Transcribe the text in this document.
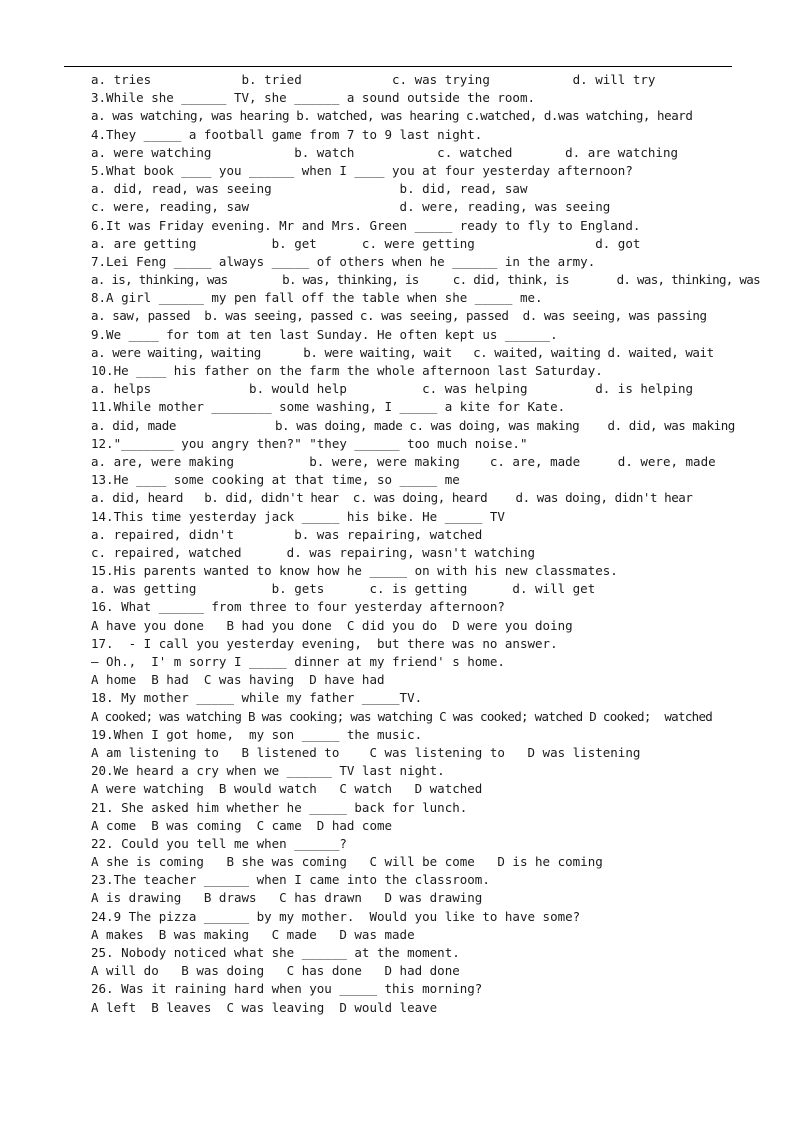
a. tries            b. tried            c. was trying           d. will try
3.While she ______ TV, she ______ a sound outside the room.
a. was watching, was hearing b. watched, was hearing c.watched, d.was watching, heard
4.They _____ a football game from 7 to 9 last night.
a. were watching           b. watch           c. watched       d. are watching
5.What book ____ you ______ when I ____ you at four yesterday afternoon?
a. did, read, was seeing                 b. did, read, saw
c. were, reading, saw                    d. were, reading, was seeing
6.It was Friday evening. Mr and Mrs. Green _____ ready to fly to England.
a. are getting          b. get      c. were getting                d. got
7.Lei Feng _____ always _____ of others when he ______ in the army.
a. is, thinking, was        b. was, thinking, is     c. did, think, is       d. was, thinking, was
8.A girl ______ my pen fall off the table when she _____ me.
a. saw, passed  b. was seeing, passed c. was seeing, passed  d. was seeing, was passing
9.We ____ for tom at ten last Sunday. He often kept us ______.
a. were waiting, waiting      b. were waiting, wait   c. waited, waiting d. waited, wait
10.He ____ his father on the farm the whole afternoon last Saturday.
a. helps             b. would help          c. was helping         d. is helping
11.While mother ________ some washing, I _____ a kite for Kate.
a. did, made              b. was doing, made c. was doing, was making    d. did, was making
12."_______ you angry then?" "they ______ too much noise."
a. are, were making          b. were, were making    c. are, made     d. were, made
13.He ____ some cooking at that time, so _____ me
a. did, heard   b. did, didn't hear  c. was doing, heard    d. was doing, didn't hear
14.This time yesterday jack _____ his bike. He _____ TV
a. repaired, didn't        b. was repairing, watched
c. repaired, watched      d. was repairing, wasn't watching
15.His parents wanted to know how he _____ on with his new classmates.
a. was getting          b. gets      c. is getting      d. will get
16. What ______ from three to four yesterday afternoon?
A have you done   B had you done  C did you do  D were you doing
17.  - I call you yesterday evening,  but there was no answer.
— Oh.,  I' m sorry I _____ dinner at my friend' s home.
A home  B had  C was having  D have had
18. My mother _____ while my father _____TV.
A cooked; was watching B was cooking; was watching C was cooked; watched D cooked;  watched
19.When I got home,  my son _____ the music.
A am listening to   B listened to    C was listening to   D was listening
20.We heard a cry when we ______ TV last night.
A were watching  B would watch   C watch   D watched
21. She asked him whether he _____ back for lunch.
A come  B was coming  C came  D had come
22. Could you tell me when ______?
A she is coming   B she was coming   C will be come   D is he coming
23.The teacher ______ when I came into the classroom.
A is drawing   B draws   C has drawn   D was drawing
24.9 The pizza ______ by my mother.  Would you like to have some?
A makes  B was making   C made   D was made
25. Nobody noticed what she ______ at the moment.
A will do   B was doing   C has done   D had done
26. Was it raining hard when you _____ this morning?
A left  B leaves  C was leaving  D would leave
